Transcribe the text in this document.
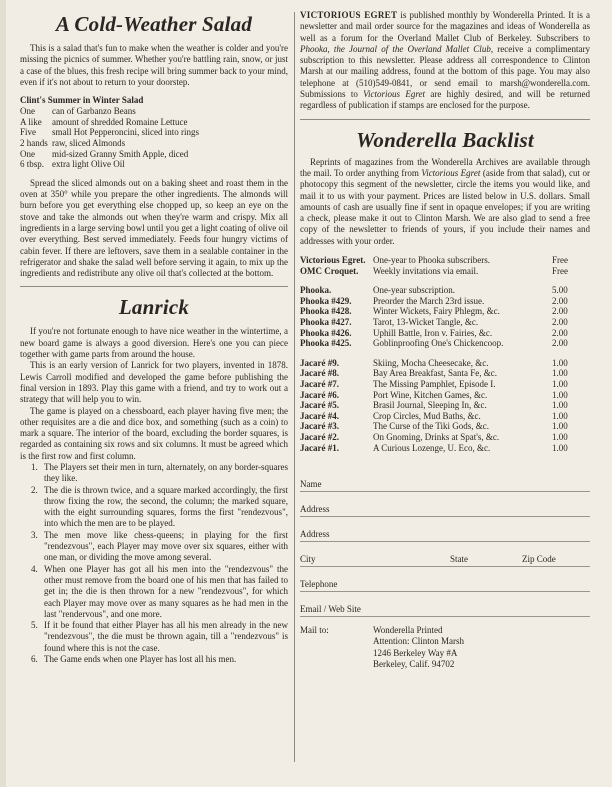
A Cold-Weather Salad

This is a salad that's fun to make when the weather is colder and you're missing the picnics of summer. Whether you're battling rain, snow, or just a case of the blues, this fresh recipe will bring summer back to your mind, even if it's not about to return to your doorstep.

Clint's Summer in Winter Salad
One	can of Garbanzo Beans
A like	amount of shredded Romaine Lettuce
Five	small Hot Pepperoncini, sliced into rings
2 hands	raw, sliced Almonds
One	mid-sized Granny Smith Apple, diced
6 tbsp.	extra light Olive Oil

Spread the sliced almonds out on a baking sheet and roast them in the oven at 350° while you prepare the other ingredients. The almonds will burn before you get everything else chopped up, so keep an eye on the stove and take the almonds out when they're warm and crispy. Mix all ingredients in a large serving bowl until you get a light coating of olive oil over everything. Best served immediately. Feeds four hungry victims of cabin fever. If there are leftovers, save them in a sealable container in the refrigerator and shake the salad well before serving it again, to mix up the ingredients and redistribute any olive oil that's collected at the bottom.

Lanrick

If you're not fortunate enough to have nice weather in the wintertime, a new board game is always a good diversion. Here's one you can piece together with game parts from around the house.

This is an early version of Lanrick for two players, invented in 1878. Lewis Carroll modified and developed the game before publishing the final version in 1893. Play this game with a friend, and try to work out a strategy that will help you to win.

The game is played on a chessboard, each player having five men; the other requisites are a die and dice box, and something (such as a coin) to mark a square. The interior of the board, excluding the border squares, is regarded as containing six rows and six columns. It must be agreed which is the first row and first column.

1. The Players set their men in turn, alternately, on any border-squares they like.
2. The die is thrown twice, and a square marked accordingly, the first throw fixing the row, the second, the column; the marked square, with the eight surrounding squares, forms the first "rendezvous", into which the men are to be played.
3. The men move like chess-queens; in playing for the first "rendezvous", each Player may move over six squares, either with one man, or dividing the move among several.
4. When one Player has got all his men into the "rendezvous" the other must remove from the board one of his men that has failed to get in; the die is then thrown for a new "rendezvous", for which each Player may move over as many squares as he had men in the last "rendervous", and one more.
5. If it be found that either Player has all his men already in the new "rendezvous", the die must be thrown again, till a "rendezvous" is found where this is not the case.
6. The Game ends when one Player has lost all his men.
VICTORIOUS EGRET is published monthly by Wonderella Printed. It is a newsletter and mail order source for the magazines and ideas of Wonderella as well as a forum for the Overland Mallet Club of Berkeley. Subscribers to Phooka, the Journal of the Overland Mallet Club, receive a complimentary subscription to this newsletter. Please address all correspondence to Clinton Marsh at our mailing address, found at the bottom of this page. You may also telephone at (510)549-0841, or send email to marsh@wonderella.com. Submissions to Victorious Egret are highly desired, and will be returned regardless of publication if stamps are enclosed for the purpose.
Wonderella Backlist

Reprints of magazines from the Wonderella Archives are available through the mail. To order anything from Victorious Egret (aside from that salad), cut or photocopy this segment of the newsletter, circle the items you would like, and mail it to us with your payment. Prices are listed below in U.S. dollars. Small amounts of cash are usually fine if sent in opaque envelopes; if you are writing a check, please make it out to Clinton Marsh. We are also glad to send a free copy of the newsletter to friends of yours, if you include their names and addresses with your order.

Victorious Egret.	One-year to Phooka subscribers.	Free
OMC Croquet.	Weekly invitations via email.	Free
Phooka.	One-year subscription.	5.00
Phooka #429.	Preorder the March 23rd issue.	2.00
Phooka #428.	Winter Wickets, Fairy Phlegm, &c.	2.00
Phooka #427.	Tarot, 13-Wicket Tangle, &c.	2.00
Phooka #426.	Uphill Battle, Iron v. Fairies, &c.	2.00
Phooka #425.	Goblinproofing One's Chickencoop.	2.00
Jacaré #9.	Skiing, Mocha Cheesecake, &c.	1.00
Jacaré #8.	Bay Area Breakfast, Santa Fe, &c.	1.00
Jacaré #7.	The Missing Pamphlet, Episode I.	1.00
Jacaré #6.	Port Wine, Kitchen Games, &c.	1.00
Jacaré #5.	Brasil Journal, Sleeping In, &c.	1.00
Jacaré #4.	Crop Circles, Mud Baths, &c.	1.00
Jacaré #3.	The Curse of the Tiki Gods, &c.	1.00
Jacaré #2.	On Gnoming, Drinks at Spat's, &c.	1.00
Jacaré #1.	A Curious Lozenge, U. Eco, &c.	1.00
Name
Address
Address
City	State	Zip Code
Telephone
Email / Web Site
Mail to:	Wonderella Printed
Attention: Clinton Marsh
1246 Berkeley Way #A
Berkeley, Calif. 94702
